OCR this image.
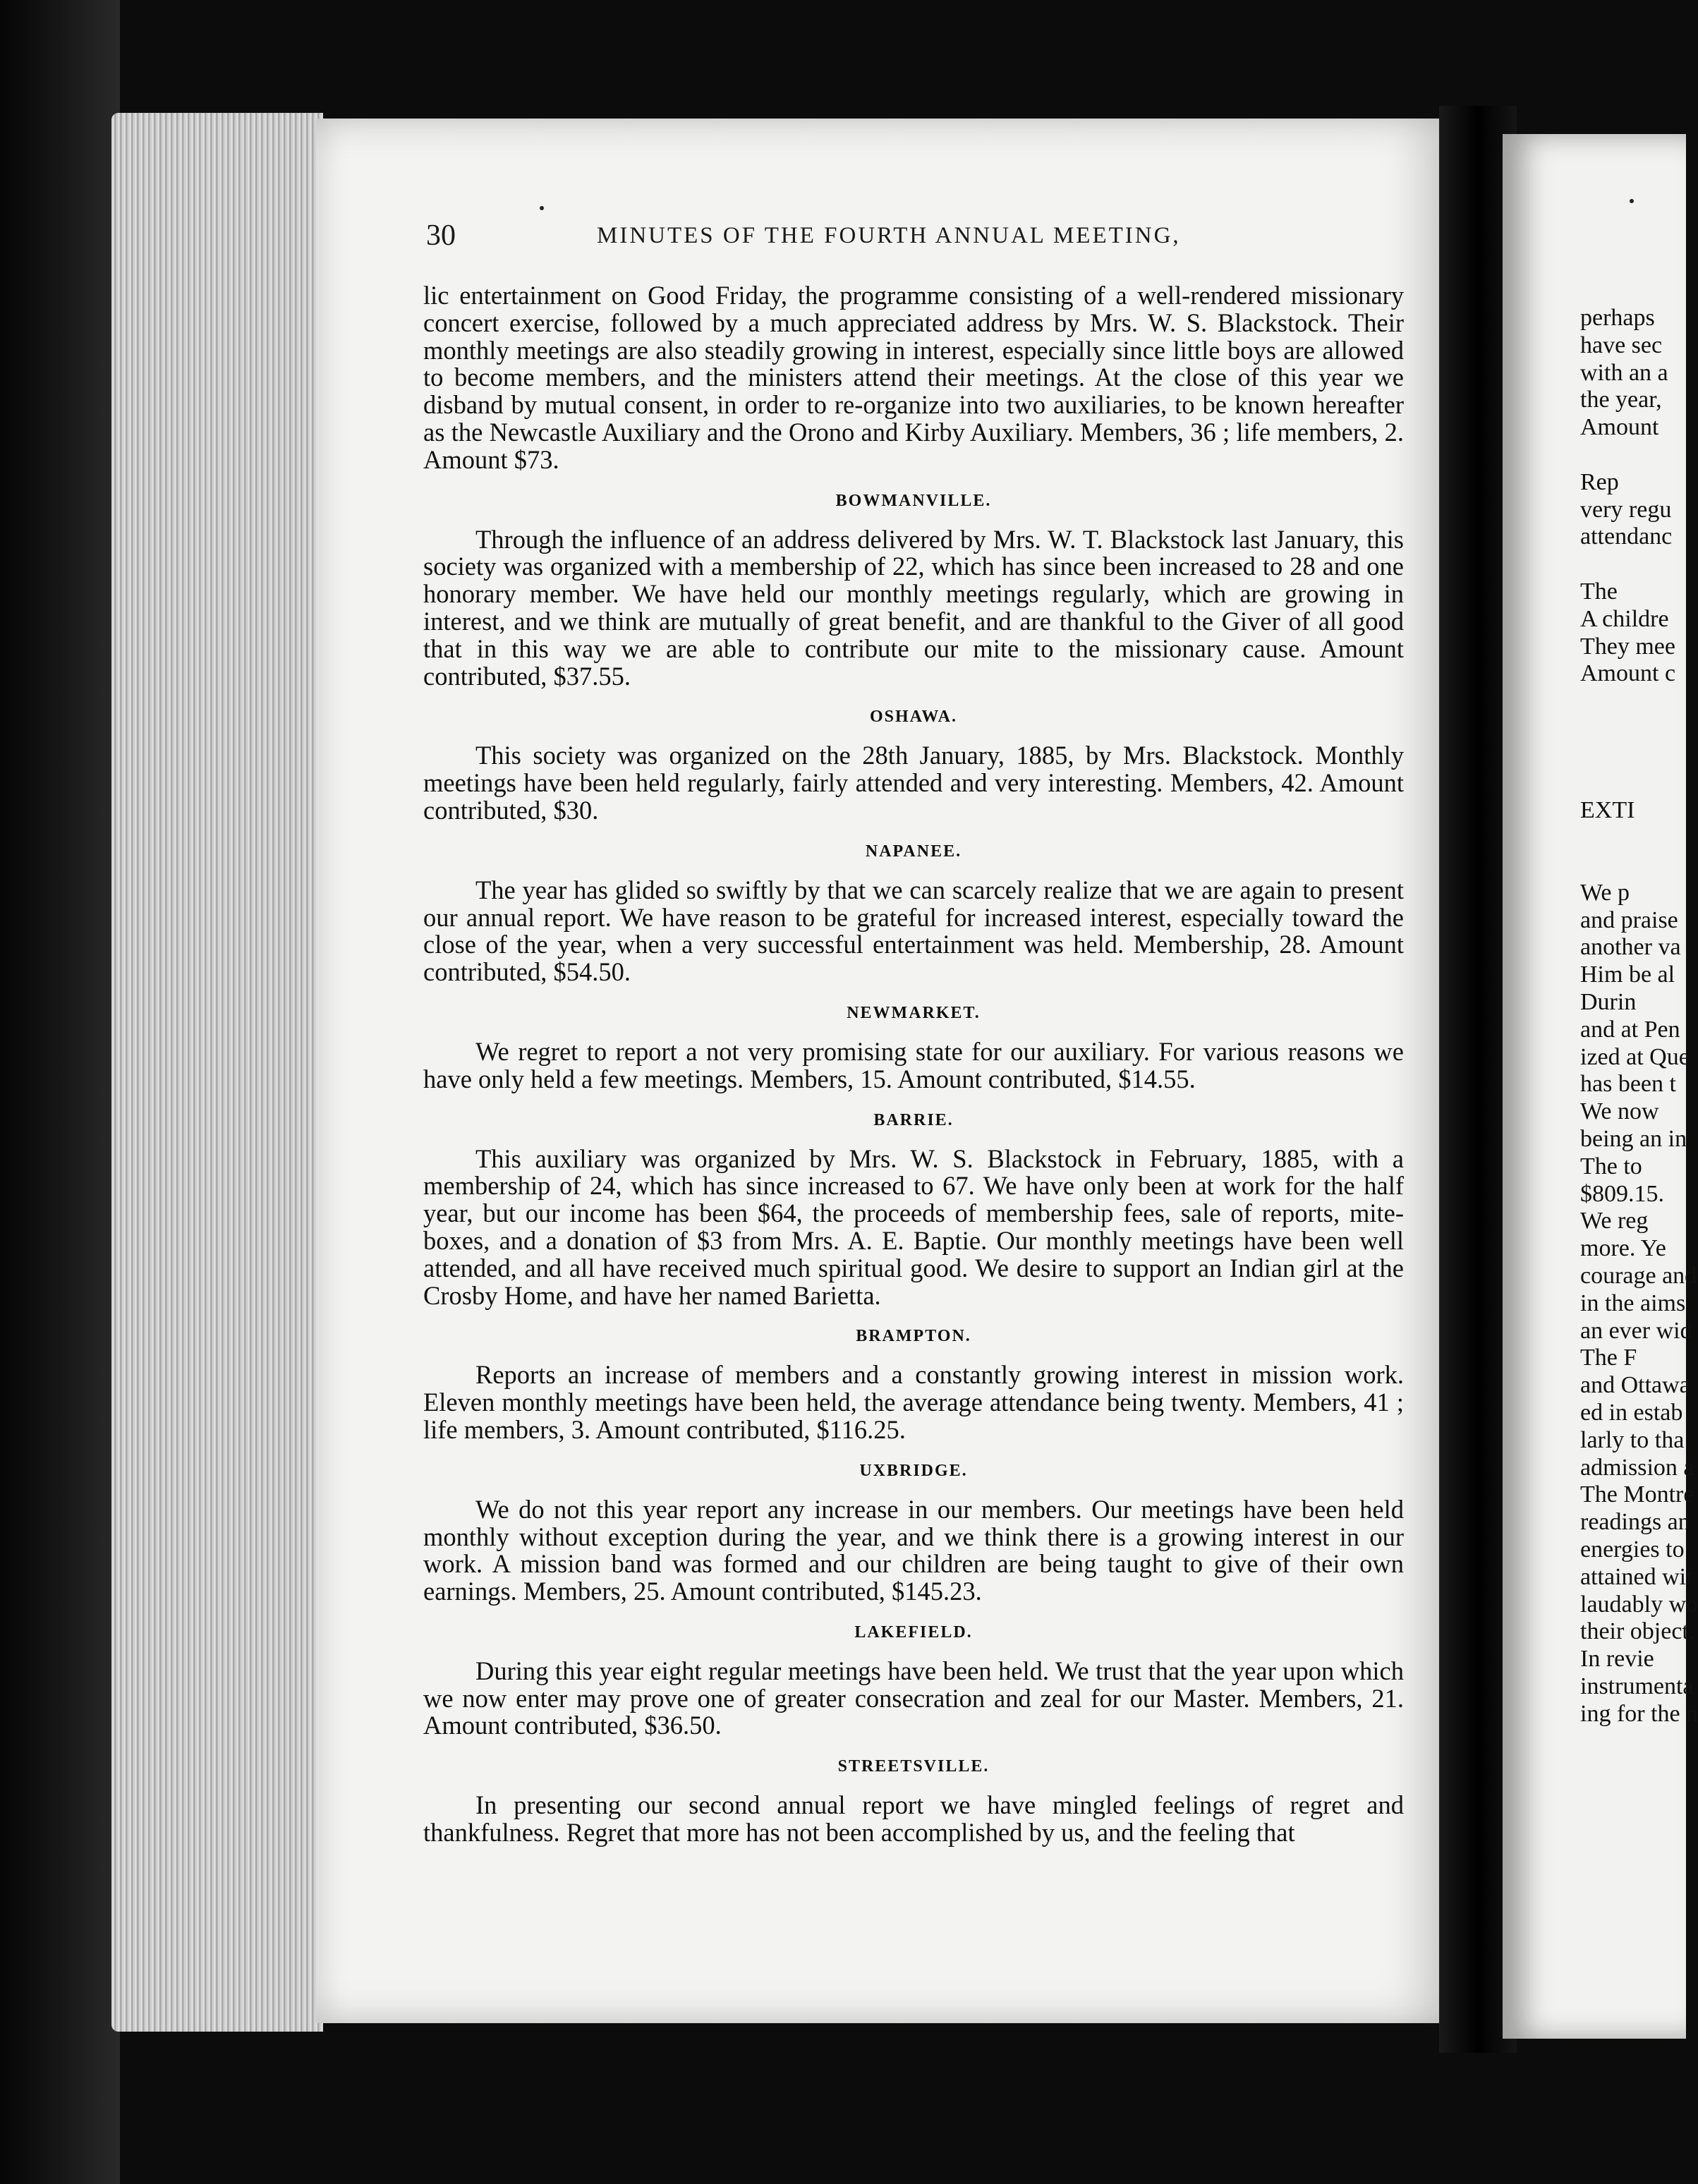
30	MINUTES OF THE FOURTH ANNUAL MEETING,

lic entertainment on Good Friday, the programme consisting of a well-rendered missionary concert exercise, followed by a much appreciated address by Mrs. W. S. Blackstock. Their monthly meetings are also steadily growing in interest, especially since little boys are allowed to become members, and the ministers attend their meetings. At the close of this year we disband by mutual consent, in order to re-organize into two auxiliaries, to be known hereafter as the Newcastle Auxiliary and the Orono and Kirby Auxiliary. Members, 36 ; life members, 2. Amount $73.

BOWMANVILLE.

Through the influence of an address delivered by Mrs. W. T. Blackstock last January, this society was organized with a membership of 22, which has since been increased to 28 and one honorary member. We have held our monthly meetings regularly, which are growing in interest, and we think are mutually of great benefit, and are thankful to the Giver of all good that in this way we are able to contribute our mite to the missionary cause. Amount contributed, $37.55.

OSHAWA.

This society was organized on the 28th January, 1885, by Mrs. Blackstock. Monthly meetings have been held regularly, fairly attended and very interesting. Members, 42. Amount contributed, $30.

NAPANEE.

The year has glided so swiftly by that we can scarcely realize that we are again to present our annual report. We have reason to be grateful for increased interest, especially toward the close of the year, when a very successful entertainment was held. Membership, 28. Amount contributed, $54.50.

NEWMARKET.

We regret to report a not very promising state for our auxiliary. For various reasons we have only held a few meetings. Members, 15. Amount contributed, $14.55.

BARRIE.

This auxiliary was organized by Mrs. W. S. Blackstock in February, 1885, with a membership of 24, which has since increased to 67. We have only been at work for the half year, but our income has been $64, the proceeds of membership fees, sale of reports, mite-boxes, and a donation of $3 from Mrs. A. E. Baptie. Our monthly meetings have been well attended, and all have received much spiritual good. We desire to support an Indian girl at the Crosby Home, and have her named Barietta.

BRAMPTON.

Reports an increase of members and a constantly growing interest in mission work. Eleven monthly meetings have been held, the average attendance being twenty. Members, 41 ; life members, 3. Amount contributed, $116.25.

UXBRIDGE.

We do not this year report any increase in our members. Our meetings have been held monthly without exception during the year, and we think there is a growing interest in our work. A mission band was formed and our children are being taught to give of their own earnings. Members, 25. Amount contributed, $145.23.

LAKEFIELD.

During this year eight regular meetings have been held. We trust that the year upon which we now enter may prove one of greater consecration and zeal for our Master. Members, 21. Amount contributed, $36.50.

STREETSVILLE.

In presenting our second annual report we have mingled feelings of regret and thankfulness. Regret that more has not been accomplished by us, and the feeling that

perhaps
have sec
with an a
the year,
Amount
Rep
very regu
attendanc
The
A childre
They mee
Amount c
EXTI
We p
and praise
another va
Him be al
Durin
and at Pen
ized at Que
has been t
We now
being an in
The to
$809.15.
We reg
more. Ye
courage and
in the aims
an ever wid
The F
and Ottawa
ed in estab
larly to tha
admission a
The Montre
readings an
energies to
attained wit
laudably wo
their object.
In revie
instrumenta
ing for the n
